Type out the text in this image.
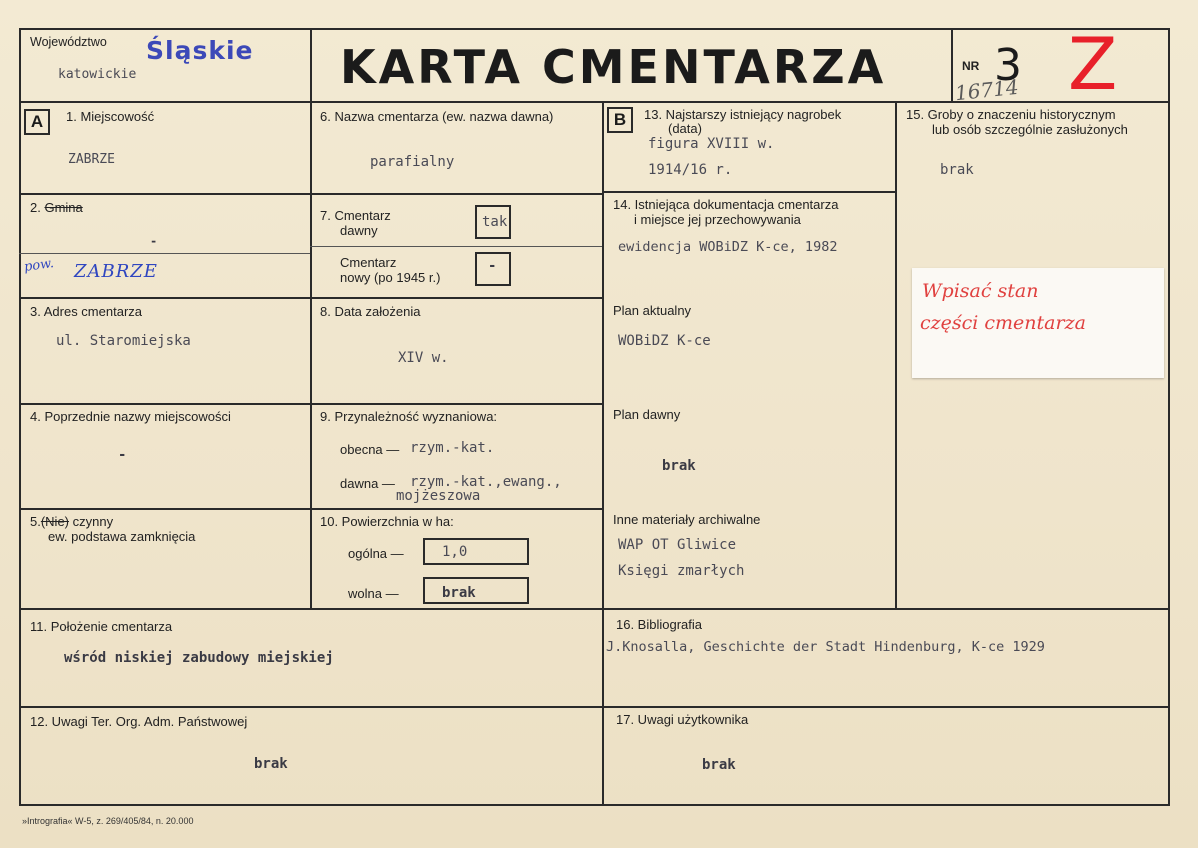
Województwo Śląskie
katowickie	KARTA CMENTARZA	NR 3
16714 Z
A	B
1. Miejscowość
ZABRZE
2. Gmina
-
pow. ZABRZE
3. Adres cmentarza
ul. Staromiejska
4. Poprzednie nazwy miejscowości
-
5.(Nie) czynny
ew. podstawa zamknięcia
6. Nazwa cmentarza (ew. nazwa dawna)
parafialny
7. Cmentarz
dawny
tak
Cmentarz
nowy (po 1945 r.)
-
8. Data założenia
XIV w.
9. Przynależność wyznaniowa:
obecna — rzym.-kat.
dawna — rzym.-kat.,ewang.,
mojżeszowa
10. Powierzchnia w ha:
ogólna —	1,0
wolna —	brak
11. Położenie cmentarza
wśród niskiej zabudowy miejskiej
12. Uwagi Ter. Org. Adm. Państwowej
brak
13. Najstarszy istniejący nagrobek
(data)
figura XVIII w.
1914/16 r.
14. Istniejąca dokumentacja cmentarza
i miejsce jej przechowywania
ewidencja WOBiDZ K-ce, 1982
Plan aktualny
WOBiDZ K-ce
Plan dawny
brak
Inne materiały archiwalne
WAP OT Gliwice
Księgi zmarłych
15. Groby o znaczeniu historycznym
lub osób szczególnie zasłużonych
brak
Wpisać stan
części cmentarza
16. Bibliografia
J.Knosalla, Geschichte der Stadt Hindenburg, K-ce 1929
17. Uwagi użytkownika
brak
»Intrografia« W-5, z. 269/405/84, n. 20.000
